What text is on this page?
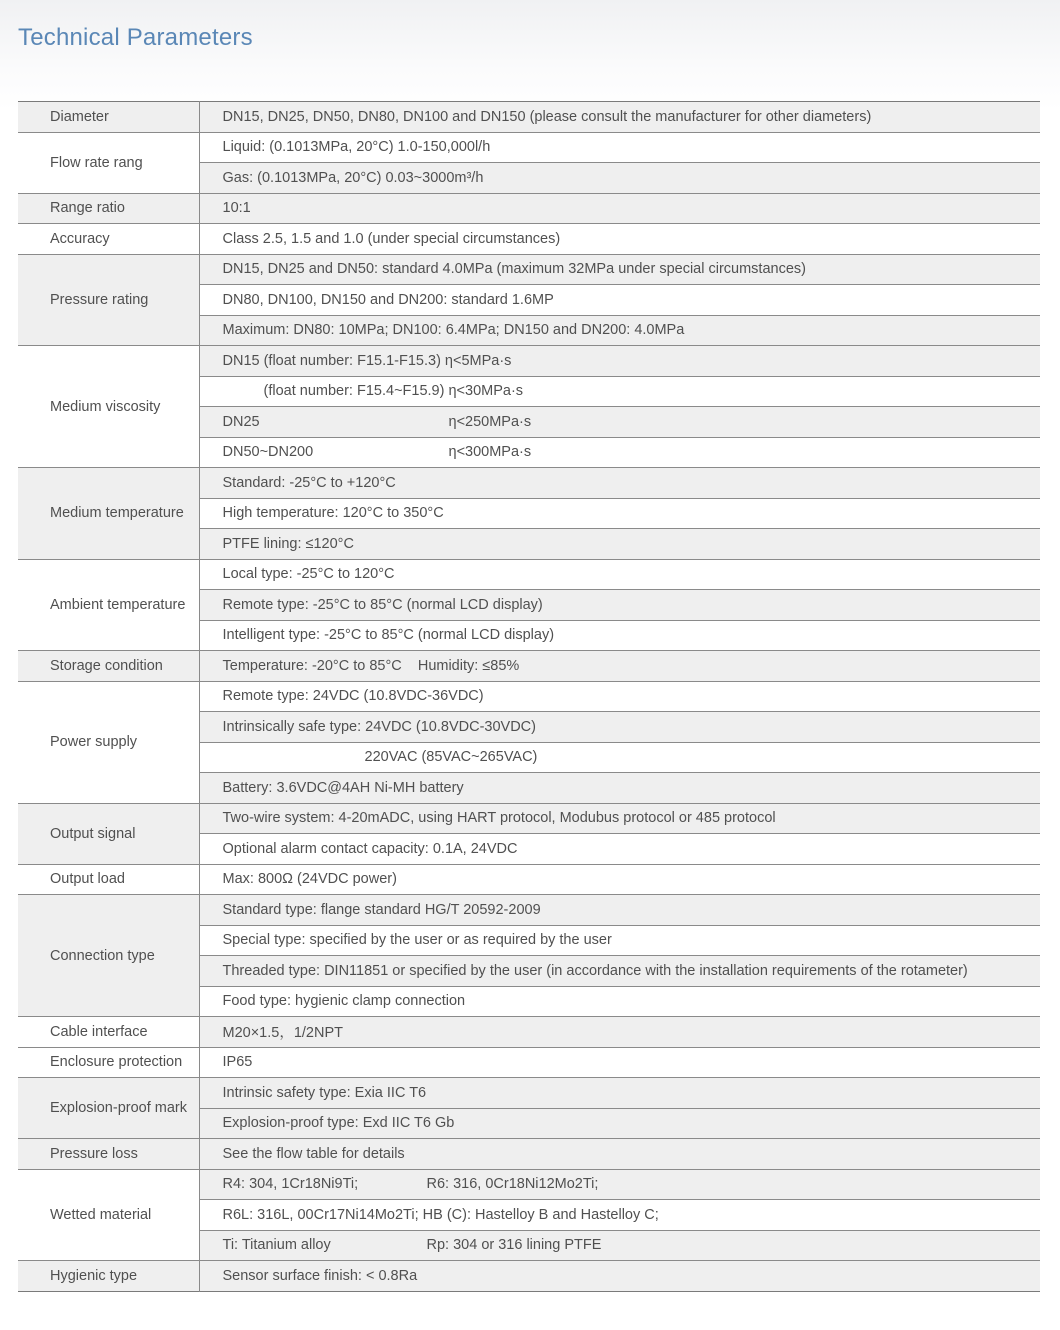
Technical Parameters
Diameter	DN15, DN25, DN50, DN80, DN100 and DN150 (please consult the manufacturer for other diameters)
Flow rate rang	Liquid: (0.1013MPa, 20°C) 1.0-150,000l/h
	Gas: (0.1013MPa, 20°C) 0.03~3000m³/h
Range ratio	10:1
Accuracy	Class 2.5, 1.5 and 1.0 (under special circumstances)
Pressure rating	DN15, DN25 and DN50: standard 4.0MPa (maximum 32MPa under special circumstances)
	DN80, DN100, DN150 and DN200: standard 1.6MP
	Maximum: DN80: 10MPa; DN100: 6.4MPa; DN150 and DN200: 4.0MPa
Medium viscosity	DN15 (float number: F15.1-F15.3) η<5MPa·s
	(float number: F15.4~F15.9) η<30MPa·s

	DN25 η<250MPa·s

	DN50~DN200 η<300MPa·s

Medium temperature	Standard: -25°C to +120°C
	High temperature: 120°C to 350°C
	PTFE lining: ≤120°C
Ambient temperature	Local type: -25°C to 120°C
	Remote type: -25°C to 85°C (normal LCD display)
	Intelligent type: -25°C to 85°C (normal LCD display)
Storage condition	Temperature: -20°C to 85°C    Humidity: ≤85%
Power supply	Remote type: 24VDC (10.8VDC-36VDC)
	Intrinsically safe type: 24VDC (10.8VDC-30VDC)
	220VAC (85VAC~265VAC)
	Battery: 3.6VDC@4AH Ni-MH battery
Output signal	Two-wire system: 4-20mADC, using HART protocol, Modubus protocol or 485 protocol
	Optional alarm contact capacity: 0.1A, 24VDC
Output load	Max: 800Ω (24VDC power)
Connection type	Standard type: flange standard HG/T 20592-2009
	Special type: specified by the user or as required by the user
	Threaded type: DIN11851 or specified by the user (in accordance with the installation requirements of the rotameter)
	Food type: hygienic clamp connection
Cable interface	M20×1.5，1/2NPT
Enclosure protection	IP65
Explosion-proof mark	Intrinsic safety type: Exia IIC T6
	Explosion-proof type: Exd IIC T6 Gb
Pressure loss	See the flow table for details
Wetted material	R4: 304, 1Cr18Ni9Ti; R6: 316, 0Cr18Ni12Mo2Ti;

	R6L: 316L, 00Cr17Ni14Mo2Ti; HB (C): Hastelloy B and Hastelloy C;

	Ti: Titanium alloy Rp: 304 or 316 lining PTFE

Hygienic type	Sensor surface finish: < 0.8Ra
